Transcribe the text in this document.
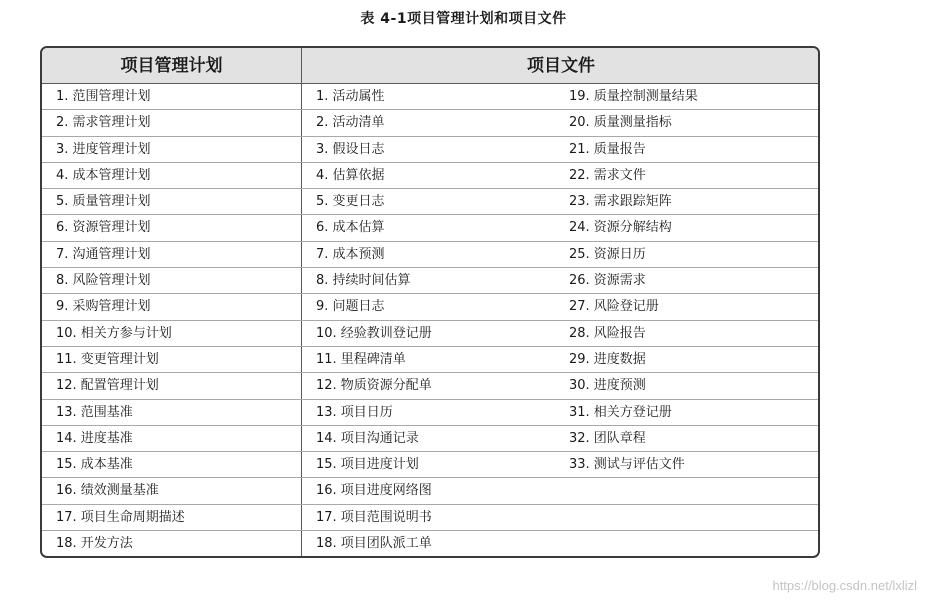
表 4-1项目管理计划和项目文件
项目管理计划	项目文件
1. 范围管理计划	1. 活动属性	19. 质量控制测量结果
2. 需求管理计划	2. 活动清单	20. 质量测量指标
3. 进度管理计划	3. 假设日志	21. 质量报告
4. 成本管理计划	4. 估算依据	22. 需求文件
5. 质量管理计划	5. 变更日志	23. 需求跟踪矩阵
6. 资源管理计划	6. 成本估算	24. 资源分解结构
7. 沟通管理计划	7. 成本预测	25. 资源日历
8. 风险管理计划	8. 持续时间估算	26. 资源需求
9. 采购管理计划	9. 问题日志	27. 风险登记册
10. 相关方参与计划	10. 经验教训登记册	28. 风险报告
11. 变更管理计划	11. 里程碑清单	29. 进度数据
12. 配置管理计划	12. 物质资源分配单	30. 进度预测
13. 范围基准	13. 项目日历	31. 相关方登记册
14. 进度基准	14. 项目沟通记录	32. 团队章程
15. 成本基准	15. 项目进度计划	33. 测试与评估文件
16. 绩效测量基准	16. 项目进度网络图
17. 项目生命周期描述	17. 项目范围说明书
18. 开发方法	18. 项目团队派工单
https://blog.csdn.net/lxlizl
